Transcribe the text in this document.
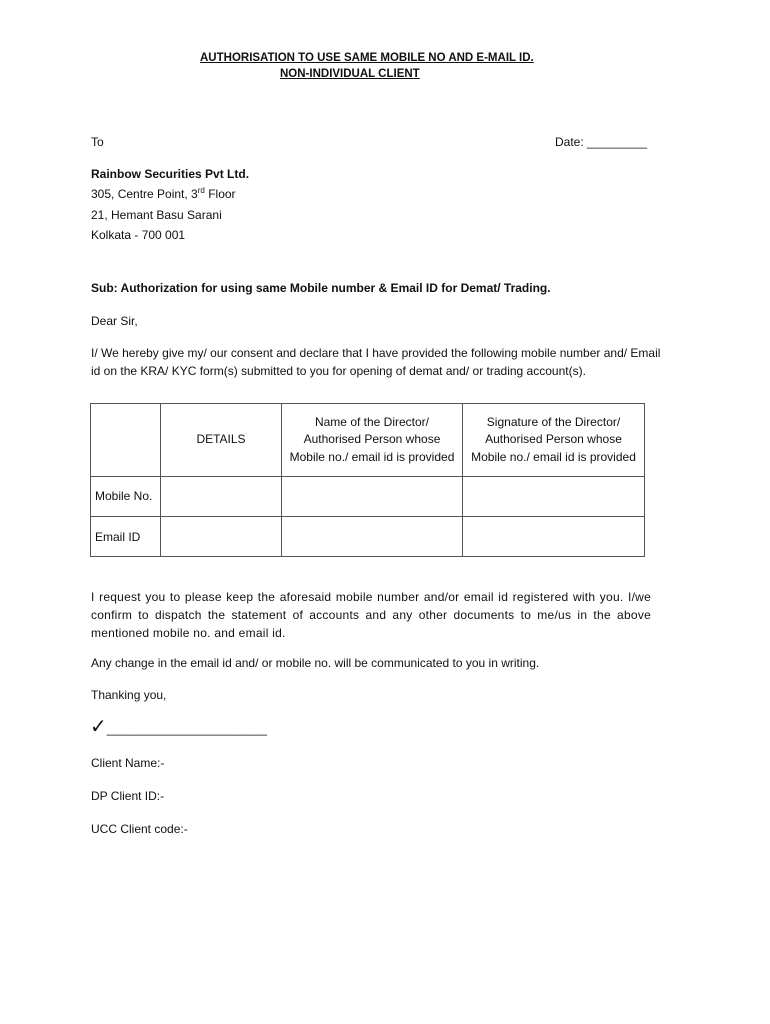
AUTHORISATION TO USE SAME MOBILE NO AND E-MAIL ID.
NON-INDIVIDUAL CLIENT
To	Date: _________
Rainbow Securities Pvt Ltd.
305, Centre Point, 3rd Floor
21, Hemant Basu Sarani
Kolkata - 700 001
Sub: Authorization for using same Mobile number & Email ID for Demat/ Trading.
Dear Sir,
I/ We hereby give my/ our consent and declare that I have provided the following mobile number and/ Email id on the KRA/ KYC form(s) submitted to you for opening of demat and/ or trading account(s).
	DETAILS	Name of the Director/ Authorised Person whose Mobile no./ email id is provided	Signature of the Director/ Authorised Person whose Mobile no./ email id is provided
Mobile No.			
Email ID			
I request you to please keep the aforesaid mobile number and/or email id registered with you. I/we confirm to dispatch the statement of accounts and any other documents to me/us in the above mentioned mobile no. and email id.
Any change in the email id and/ or mobile no. will be communicated to you in writing.
Thanking you,
✓________________________
Client Name:-
DP Client ID:-
UCC Client code:-
